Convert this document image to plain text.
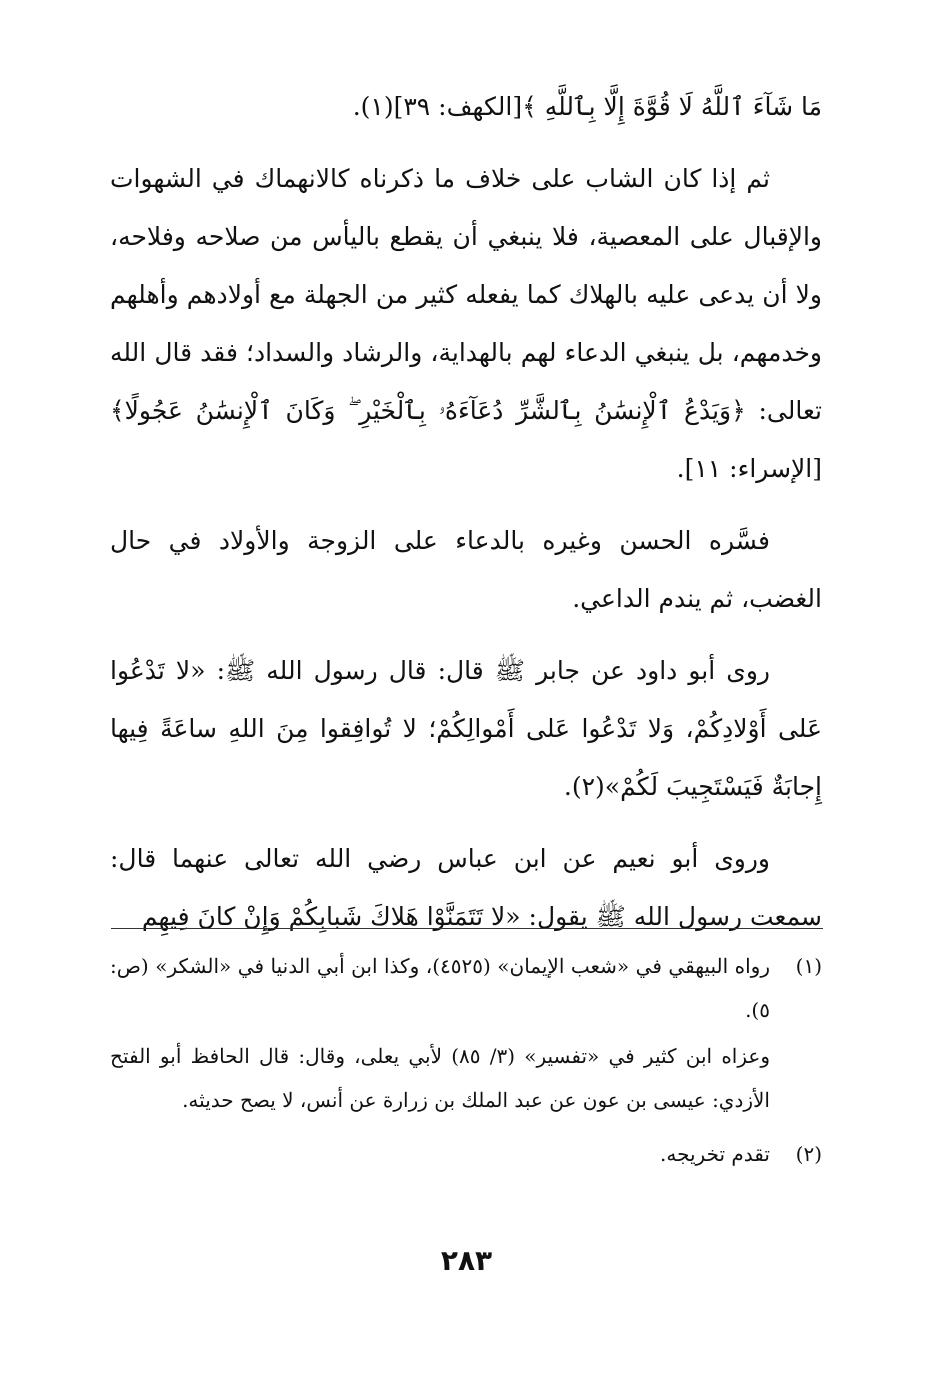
مَا شَآءَ ٱللَّهُ لَا قُوَّةَ إِلَّا بِٱللَّهِ ﴾[الكهف: ٣٩](١).

ثم إذا كان الشاب على خلاف ما ذكرناه كالانهماك في الشهوات والإقبال على المعصية، فلا ينبغي أن يقطع باليأس من صلاحه وفلاحه، ولا أن يدعى عليه بالهلاك كما يفعله كثير من الجهلة مع أولادهم وأهلهم وخدمهم، بل ينبغي الدعاء لهم بالهداية، والرشاد والسداد؛ فقد قال الله تعالى: ﴿وَيَدْعُ ٱلْإِنسَٰنُ بِٱلشَّرِّ دُعَآءَهُۥ بِٱلْخَيْرِ ۖ وَكَانَ ٱلْإِنسَٰنُ عَجُولًا﴾[الإسراء: ١١].

فسَّره الحسن وغيره بالدعاء على الزوجة والأولاد في حال الغضب، ثم يندم الداعي.

روى أبو داود عن جابر ﷺ قال: قال رسول الله ﷺ: «لا تَدْعُوا عَلى أَوْلادِكُمْ، وَلا تَدْعُوا عَلى أَمْوالِكُمْ؛ لا تُوافِقوا مِنَ اللهِ ساعَةً فِيها إِجابَةٌ فَيَسْتَجِيبَ لَكُمْ»(٢).

وروى أبو نعيم عن ابن عباس رضي الله تعالى عنهما قال: سمعت رسول الله ﷺ يقول: «لا تَتَمَنَّوْا هَلاكَ شَبابِكُمْ وَإِنْ كانَ فِيهِم

(١)
رواه البيهقي في «شعب الإيمان» (٤٥٢٥)، وكذا ابن أبي الدنيا في «الشكر» (ص: ٥).
وعزاه ابن كثير في «تفسير» (٣/ ٨٥) لأبي يعلى، وقال: قال الحافظ أبو الفتح الأزدي: عيسى بن عون عن عبد الملك بن زرارة عن أنس، لا يصح حديثه.
(٢)
تقدم تخريجه.
٢٨٣
